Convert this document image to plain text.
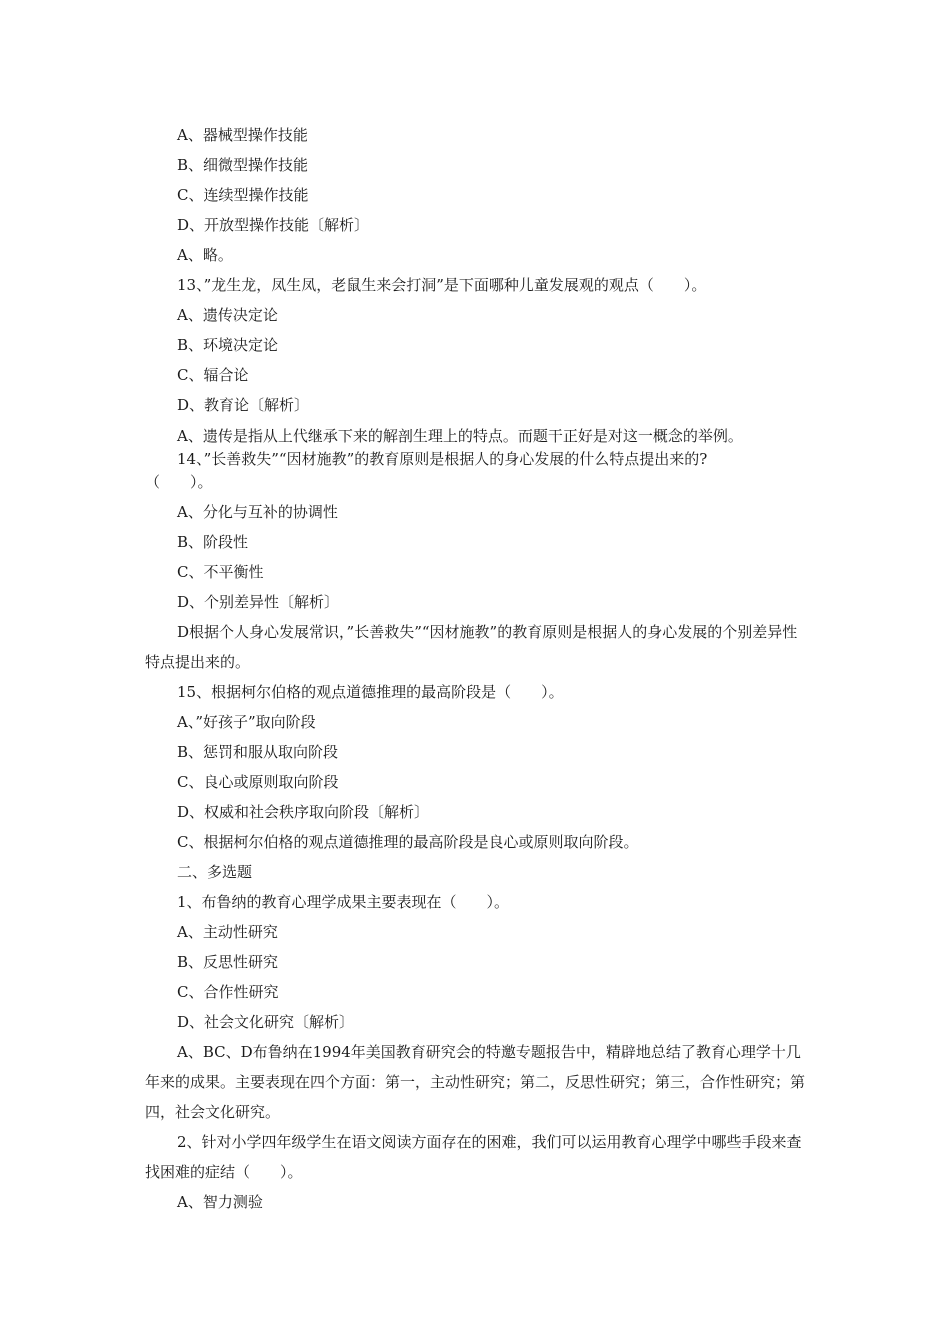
A、器械型操作技能
B、细微型操作技能
C、连续型操作技能
D、开放型操作技能〔解析〕
A、略。
13、”龙生龙，凤生凤，老鼠生来会打洞”是下面哪种儿童发展观的观点（　　）。
A、遗传决定论
B、环境决定论
C、辐合论
D、教育论〔解析〕
A、遗传是指从上代继承下来的解剖生理上的特点。而题干正好是对这一概念的举例。
14、”长善救失”“因材施教”的教育原则是根据人的身心发展的什么特点提出来的?
（　　）。
A、分化与互补的协调性
B、阶段性
C、不平衡性
D、个别差异性〔解析〕
D根据个人身心发展常识，”长善救失”“因材施教”的教育原则是根据人的身心发展的个别差异性特点提出来的。
15、根据柯尔伯格的观点道德推理的最高阶段是（　　）。
A、”好孩子”取向阶段
B、惩罚和服从取向阶段
C、良心或原则取向阶段
D、权威和社会秩序取向阶段〔解析〕
C、根据柯尔伯格的观点道德推理的最高阶段是良心或原则取向阶段。
二、多选题
1、布鲁纳的教育心理学成果主要表现在（　　）。
A、主动性研究
B、反思性研究
C、合作性研究
D、社会文化研究〔解析〕
A、BC、D布鲁纳在1994年美国教育研究会的特邀专题报告中，精辟地总结了教育心理学十几年来的成果。主要表现在四个方面：第一，主动性研究；第二，反思性研究；第三，合作性研究；第四，社会文化研究。
2、针对小学四年级学生在语文阅读方面存在的困难，我们可以运用教育心理学中哪些手段来查找困难的症结（　　）。
A、智力测验
